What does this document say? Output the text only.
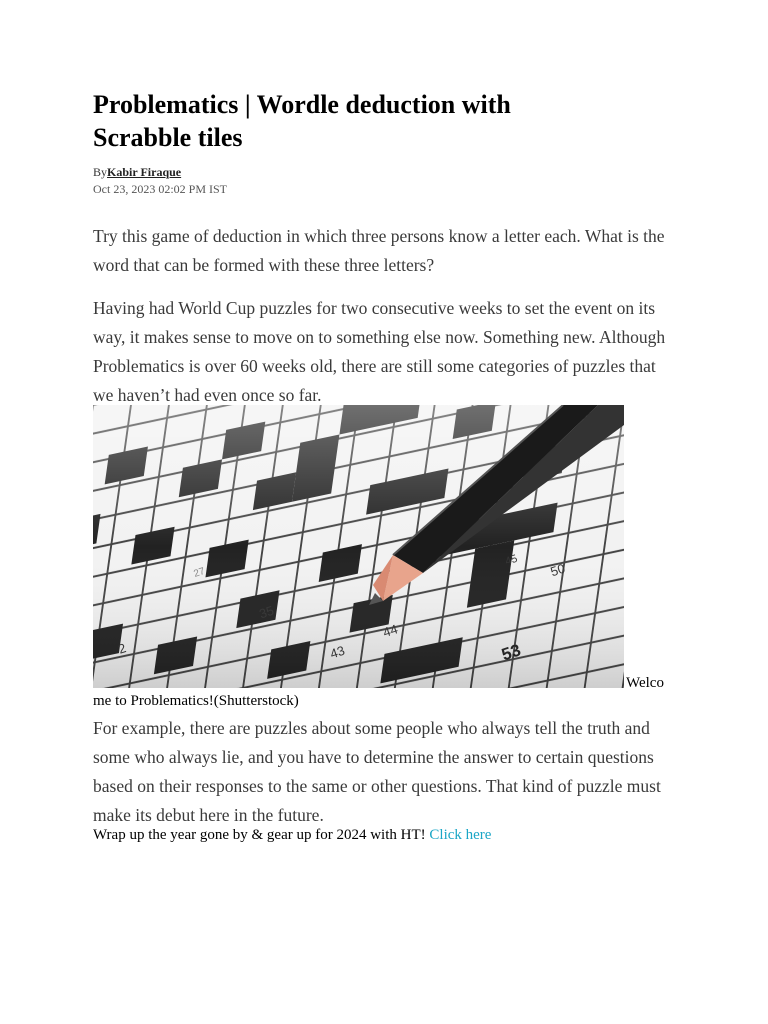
Problematics | Wordle deduction with Scrabble tiles
ByKabir Firaque
Oct 23, 2023 02:02 PM IST

Try this game of deduction in which three persons know a letter each. What is the word that can be formed with these three letters?

Having had World Cup puzzles for two consecutive weeks to set the event on its way, it makes sense to move on to something else now. Something new. Although Problematics is over 60 weeks old, there are still some categories of puzzles that we haven’t had even once so far.

Welco
me to Problematics!(Shutterstock)

For example, there are puzzles about some people who always tell the truth and some who always lie, and you have to determine the answer to certain questions based on their responses to the same or other questions. That kind of puzzle must make its debut here in the future.

Wrap up the year gone by & gear up for 2024 with HT! Click here
